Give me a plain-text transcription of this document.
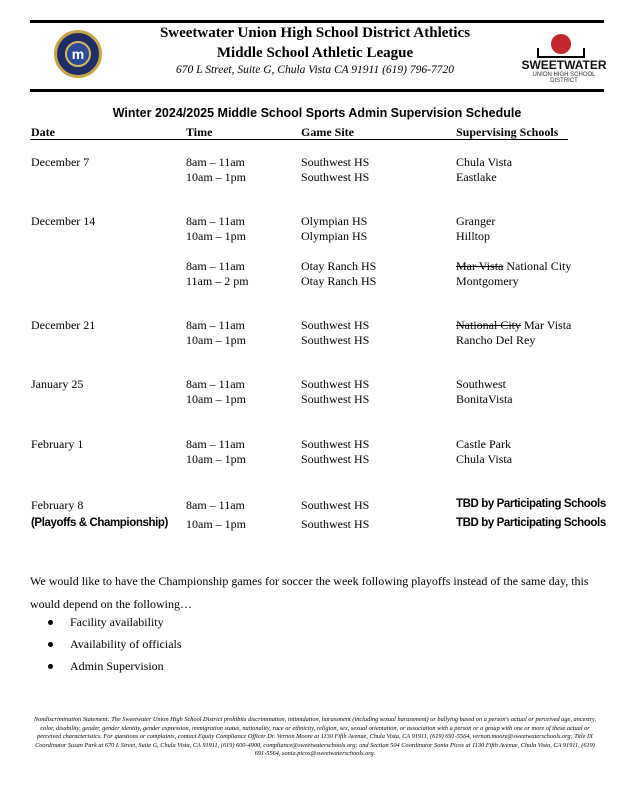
m
Sweetwater Union High School District Athletics
Middle School Athletic League
670 L Street, Suite G, Chula Vista CA 91911 (619) 796-7720	SWEETWATER
UNION HIGH SCHOOL DISTRICT
Winter 2024/2025 Middle School Sports Admin Supervision Schedule
Date	Time	Game Site	Supervising Schools
December 7	8am – 11am	Southwest HS	Chula Vista
10am – 1pm	Southwest HS	Eastlake
December 14	8am – 11am	Olympian HS	Granger
10am – 1pm	Olympian HS	Hilltop
8am – 11am	Otay Ranch HS	Mar Vista National City
11am – 2 pm	Otay Ranch HS	Montgomery
December 21	8am – 11am	Southwest HS	National City Mar Vista
10am – 1pm	Southwest HS	Rancho Del Rey
January 25	8am – 11am	Southwest HS	Southwest
10am – 1pm	Southwest HS	BonitaVista
February 1	8am – 11am	Southwest HS	Castle Park
10am – 1pm	Southwest HS	Chula Vista
February 8	8am – 11am	Southwest HS	TBD by Participating Schools
(Playoffs & Championship) 10am – 1pm	Southwest HS	TBD by Participating Schools
We would like to have the Championship games for soccer the week following playoffs instead of the same day, this would depend on the following…
Facility availability
Availability of officials
Admin Supervision
Nondiscrimination Statement: The Sweetwater Union High School District prohibits discrimination, intimidation, harassment (including sexual harassment) or bullying based on a person's actual or perceived age, ancestry, color, disability, gender, gender identity, gender expression, immigration status, nationality, race or ethnicity, religion, sex, sexual orientation, or association with a person or a group with one or more of these actual or perceived characteristics. For questions or complaints, contact Equity Compliance Officer Dr. Vernon Moore at 1130 Fifth Avenue, Chula Vista, CA 91911, (619) 691-5564, vernon.moore@sweetwaterschools.org; Title IX Coordinator Susan Park at 670 L Street, Suite G, Chula Vista, CA 91911, (619) 600-4900, compliance@sweetwaterschools.org; and Section 504 Coordinator Sonia Picos at 1130 Fifth Avenue, Chula Vista, CA 91911, (619) 691-5564, sonia.picos@sweetwaterschools.org.
